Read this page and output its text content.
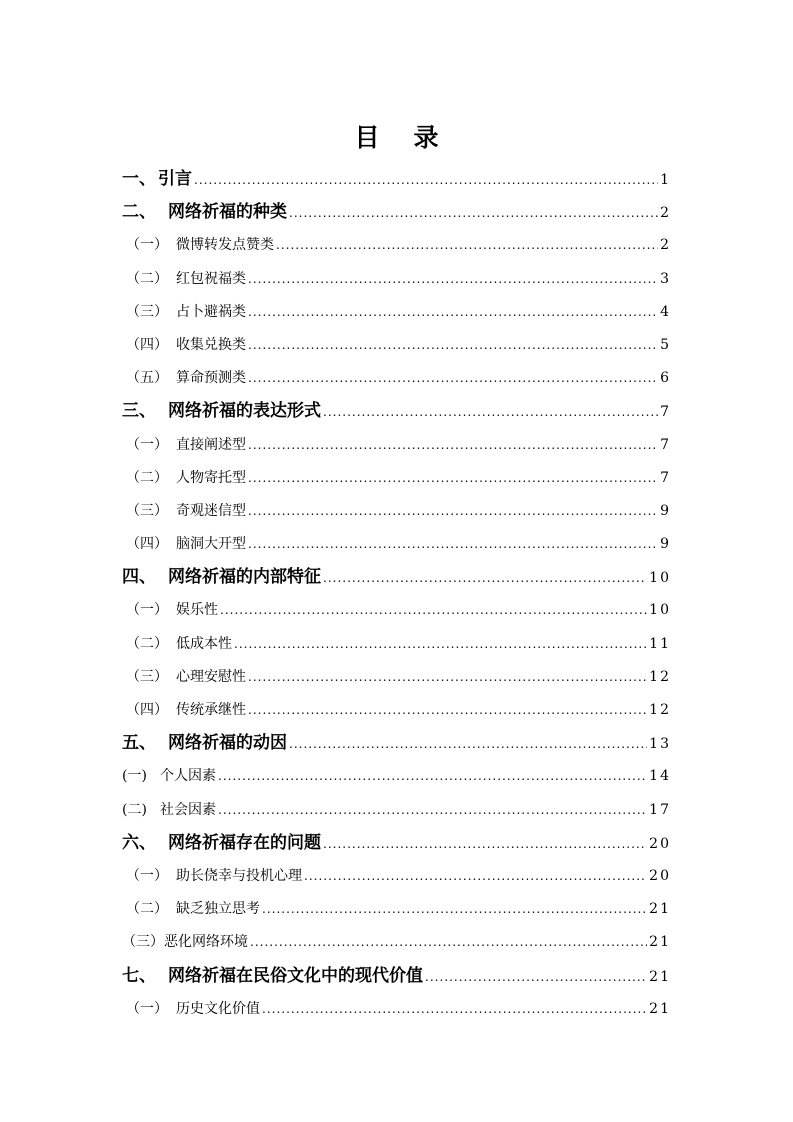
目 录
一、 引言 .....	1
二、 网络祈福的种类 .....	2
（一） 微博转发点赞类 .....	2
（二） 红包祝福类 .....	3
（三） 占卜避祸类 .....	4
（四） 收集兑换类 .....	5
（五） 算命预测类 .....	6
三、 网络祈福的表达形式 .....	7
（一） 直接阐述型 .....	7
（二） 人物寄托型 .....	7
（三） 奇观迷信型 .....	9
（四） 脑洞大开型 .....	9
四、 网络祈福的内部特征 .....	10
（一） 娱乐性 .....	10
（二） 低成本性 .....	11
（三） 心理安慰性 .....	12
（四） 传统承继性 .....	12
五、 网络祈福的动因 .....	13
(一) 个人因素 .....	14
(二) 社会因素 .....	17
六、 网络祈福存在的问题 .....	20
（一） 助长侥幸与投机心理 .....	20
（二） 缺乏独立思考 .....	21
（三） 恶化网络环境 .....	21
七、 网络祈福在民俗文化中的现代价值 .....	21
（一） 历史文化价值 .....	21
